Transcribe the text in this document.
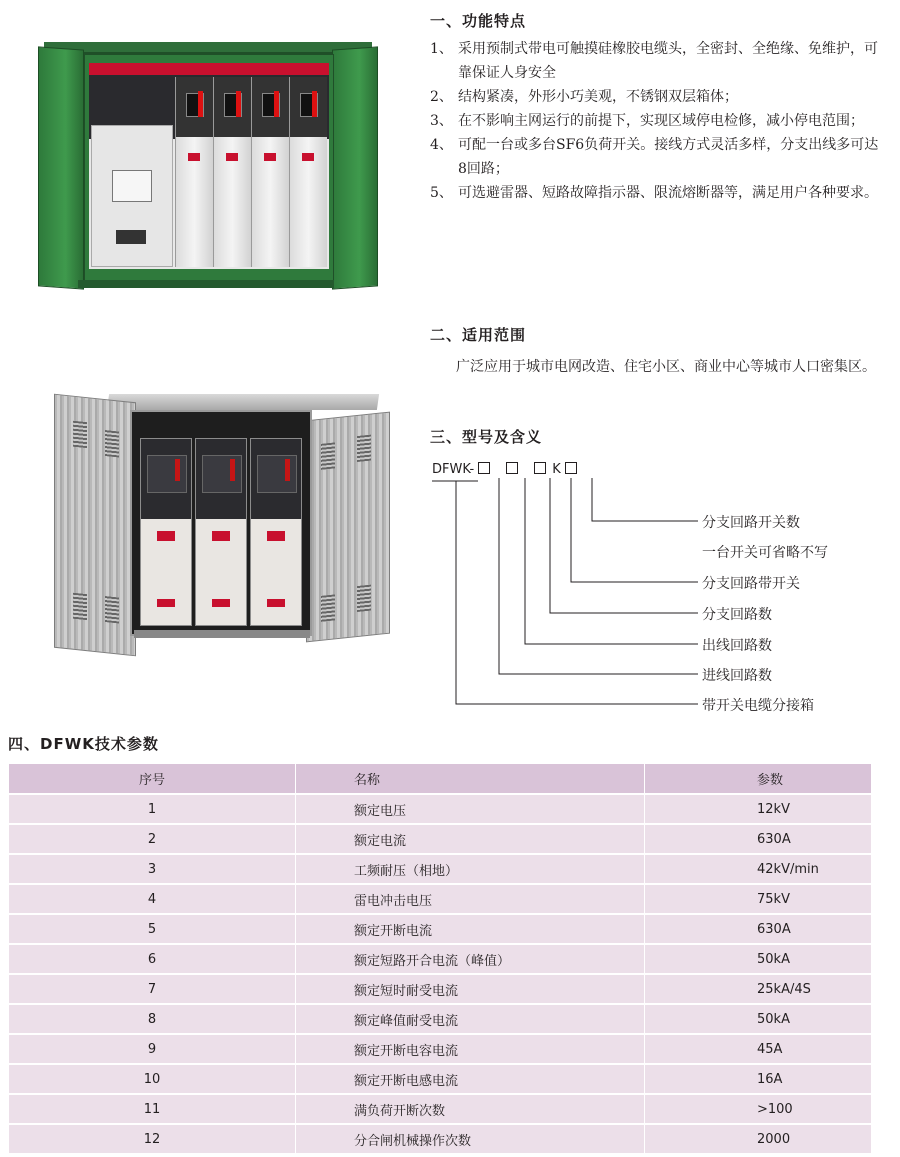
一、功能特点
1、 采用预制式带电可触摸硅橡胶电缆头，全密封、全绝缘、免维护，可靠保证人身安全
2、 结构紧凑，外形小巧美观，不锈钢双层箱体；
3、 在不影响主网运行的前提下，实现区域停电检修，减小停电范围；
4、 可配一台或多台SF6负荷开关。接线方式灵活多样，分支出线多可达8回路；
5、 可选避雷器、短路故障指示器、限流熔断器等，满足用户各种要求。
二、适用范围
广泛应用于城市电网改造、住宅小区、商业中心等城市人口密集区。
三、型号及含义
DFWK-	K
分支回路开关数
一台开关可省略不写
分支回路带开关
分支回路数
出线回路数
进线回路数
带开关电缆分接箱
四、DFWK技术参数
序号	名称	参数
1	额定电压	12kV
2	额定电流	630A
3	工频耐压（相地）	42kV/min
4	雷电冲击电压	75kV
5	额定开断电流	630A
6	额定短路开合电流（峰值）	50kA
7	额定短时耐受电流	25kA/4S
8	额定峰值耐受电流	50kA
9	额定开断电容电流	45A
10	额定开断电感电流	16A
11	满负荷开断次数	>100
12	分合闸机械操作次数	2000
